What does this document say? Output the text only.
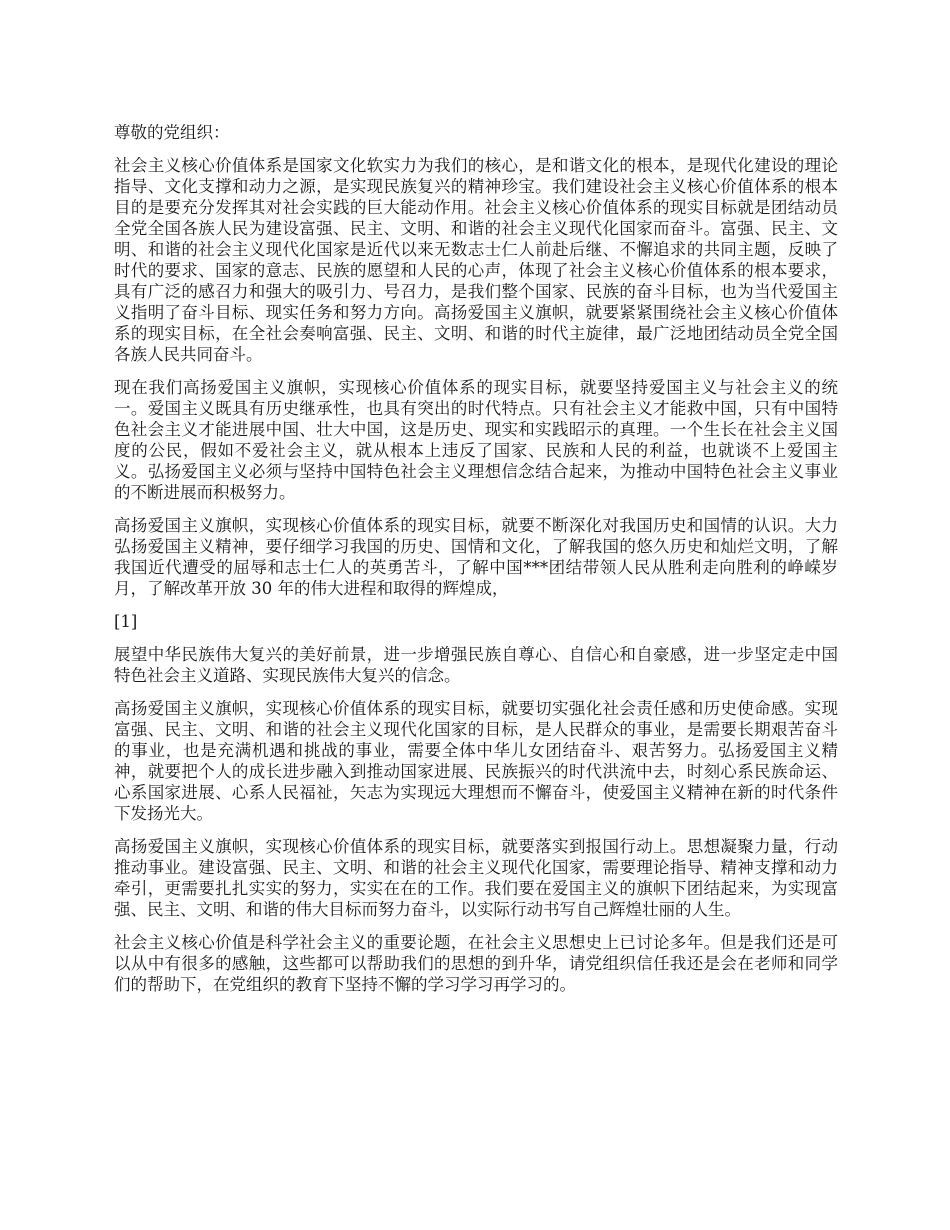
尊敬的党组织：

社会主义核心价值体系是国家文化软实力为我们的核心，是和谐文化的根本，是现代化建设的理论指导、文化支撑和动力之源，是实现民族复兴的精神珍宝。我们建设社会主义核心价值体系的根本目的是要充分发挥其对社会实践的巨大能动作用。社会主义核心价值体系的现实目标就是团结动员全党全国各族人民为建设富强、民主、文明、和谐的社会主义现代化国家而奋斗。富强、民主、文明、和谐的社会主义现代化国家是近代以来无数志士仁人前赴后继、不懈追求的共同主题，反映了时代的要求、国家的意志、民族的愿望和人民的心声，体现了社会主义核心价值体系的根本要求，具有广泛的感召力和强大的吸引力、号召力，是我们整个国家、民族的奋斗目标，也为当代爱国主义指明了奋斗目标、现实任务和努力方向。高扬爱国主义旗帜，就要紧紧围绕社会主义核心价值体系的现实目标，在全社会奏响富强、民主、文明、和谐的时代主旋律，最广泛地团结动员全党全国各族人民共同奋斗。

现在我们高扬爱国主义旗帜，实现核心价值体系的现实目标，就要坚持爱国主义与社会主义的统一。爱国主义既具有历史继承性，也具有突出的时代特点。只有社会主义才能救中国，只有中国特色社会主义才能进展中国、壮大中国，这是历史、现实和实践昭示的真理。一个生长在社会主义国度的公民，假如不爱社会主义，就从根本上违反了国家、民族和人民的利益，也就谈不上爱国主义。弘扬爱国主义必须与坚持中国特色社会主义理想信念结合起来，为推动中国特色社会主义事业的不断进展而积极努力。

高扬爱国主义旗帜，实现核心价值体系的现实目标，就要不断深化对我国历史和国情的认识。大力弘扬爱国主义精神，要仔细学习我国的历史、国情和文化，了解我国的悠久历史和灿烂文明，了解我国近代遭受的屈辱和志士仁人的英勇苦斗，了解中国***团结带领人民从胜利走向胜利的峥嵘岁月，了解改革开放 30 年的伟大进程和取得的辉煌成，

[1]

展望中华民族伟大复兴的美好前景，进一步增强民族自尊心、自信心和自豪感，进一步坚定走中国特色社会主义道路、实现民族伟大复兴的信念。

高扬爱国主义旗帜，实现核心价值体系的现实目标，就要切实强化社会责任感和历史使命感。实现富强、民主、文明、和谐的社会主义现代化国家的目标，是人民群众的事业，是需要长期艰苦奋斗的事业，也是充满机遇和挑战的事业，需要全体中华儿女团结奋斗、艰苦努力。弘扬爱国主义精神，就要把个人的成长进步融入到推动国家进展、民族振兴的时代洪流中去，时刻心系民族命运、心系国家进展、心系人民福祉，矢志为实现远大理想而不懈奋斗，使爱国主义精神在新的时代条件下发扬光大。

高扬爱国主义旗帜，实现核心价值体系的现实目标，就要落实到报国行动上。思想凝聚力量，行动推动事业。建设富强、民主、文明、和谐的社会主义现代化国家，需要理论指导、精神支撑和动力牵引，更需要扎扎实实的努力，实实在在的工作。我们要在爱国主义的旗帜下团结起来，为实现富强、民主、文明、和谐的伟大目标而努力奋斗，以实际行动书写自己辉煌壮丽的人生。

社会主义核心价值是科学社会主义的重要论题，在社会主义思想史上已讨论多年。但是我们还是可以从中有很多的感触，这些都可以帮助我们的思想的到升华，请党组织信任我还是会在老师和同学们的帮助下，在党组织的教育下坚持不懈的学习学习再学习的。
